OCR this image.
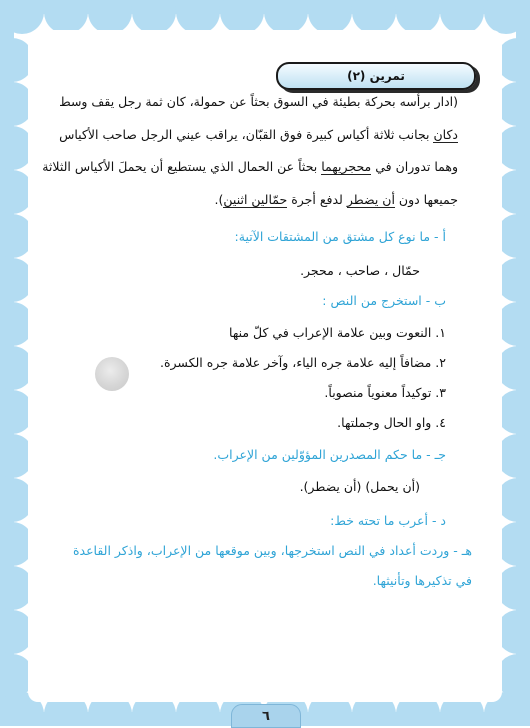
تمرين (٢)
(ادار برأسه بحركة بطيئة في السوق بحثاً عن حمولة، كان ثمة رجل يقف وسط
دكان بجانب ثلاثة أكياس كبيرة فوق القبّان، يراقب عيني الرجل صاحب الأكياس
وهما تدوران في محجريهما بحثاً عن الحمال الذي يستطيع أن يحملَ الأكياس الثلاثة
جميعها دون أن يضطر لدفع أجرة حمّالين اثنين).
أ - ما نوع كل مشتق من المشتقات الآتية:
حمّال ، صاحب ، محجر.
ب - استخرج من النص :
١. النعوت وبين علامة الإعراب في كلّ منها
٢. مضافاً إليه علامة جره الياء، وآخر علامة جره الكسرة.
٣. توكيداً معنوياً منصوباً.
٤. واو الحال وجملتها.
جـ - ما حكم المصدرين المؤوّلين من الإعراب.
(أن يحمل) (أن يضطر).
د - أعرب ما تحته خط:
هـ - وردت أعداد في النص استخرجها، وبين موقعها من الإعراب، واذكر القاعدة
في تذكيرها وتأنيثها.
٦
